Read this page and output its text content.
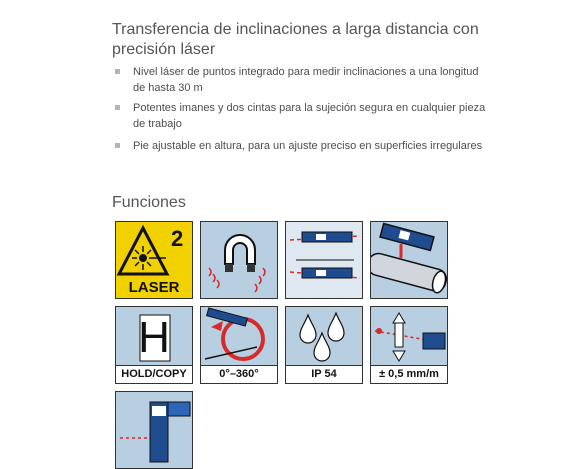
Transferencia de inclinaciones a larga distancia con precisión láser
Nivel láser de puntos integrado para medir inclinaciones a una longitud de hasta 30 m
Potentes imanes y dos cintas para la sujeción segura en cualquier pieza de trabajo
Pie ajustable en altura, para un ajuste preciso en superficies irregulares
Funciones
2
LASER
H
HOLD/COPY	0°–360°	IP 54	± 0,5 mm/m
